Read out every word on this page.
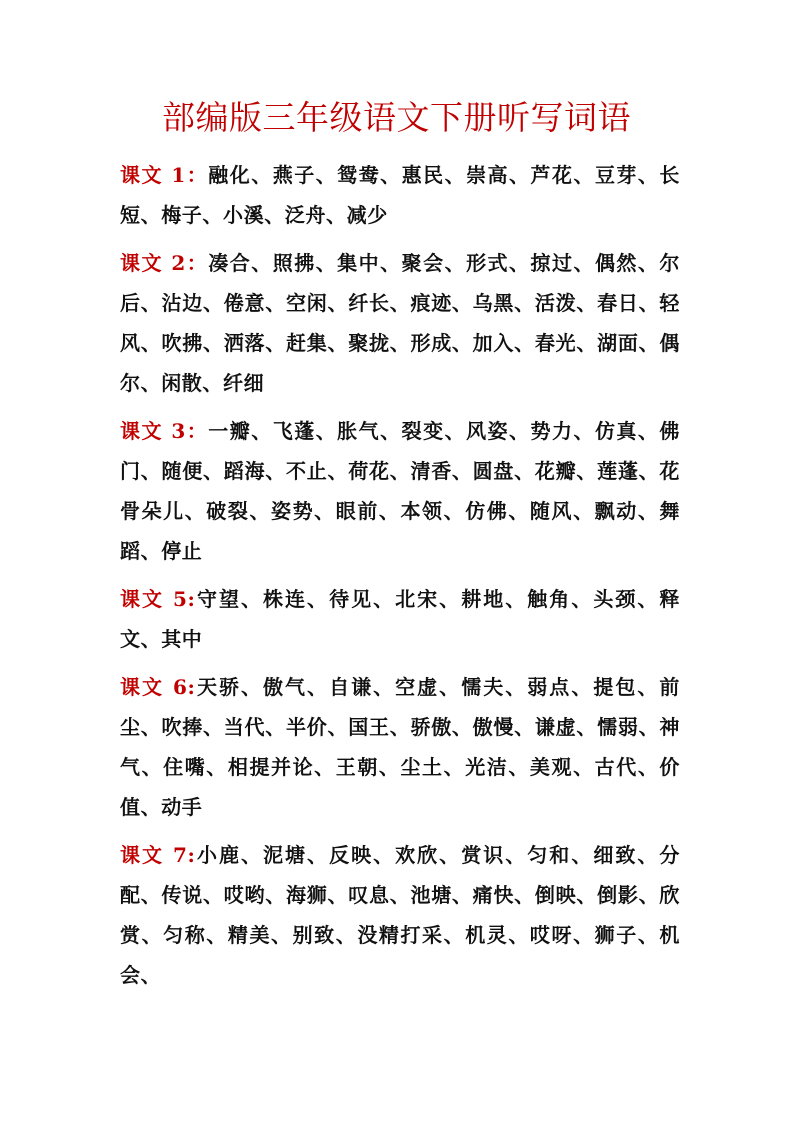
部编版三年级语文下册听写词语

课文 1：融化、燕子、鸳鸯、惠民、崇高、芦花、豆芽、长短、梅子、小溪、泛舟、减少

课文 2：凑合、照拂、集中、聚会、形式、掠过、偶然、尔后、沾边、倦意、空闲、纤长、痕迹、乌黑、活泼、春日、轻风、吹拂、洒落、赶集、聚拢、形成、加入、春光、湖面、偶尔、闲散、纤细

课文 3：一瓣、飞蓬、胀气、裂变、风姿、势力、仿真、佛门、随便、蹈海、不止、荷花、清香、圆盘、花瓣、莲蓬、花骨朵儿、破裂、姿势、眼前、本领、仿佛、随风、飘动、舞蹈、停止

课文 5:守望、株连、待见、北宋、耕地、触角、头颈、释文、其中

课文 6:天骄、傲气、自谦、空虚、懦夫、弱点、提包、前尘、吹捧、当代、半价、国王、骄傲、傲慢、谦虚、懦弱、神气、住嘴、相提并论、王朝、尘土、光洁、美观、古代、价值、动手

课文 7:小鹿、泥塘、反映、欢欣、赏识、匀和、细致、分配、传说、哎哟、海狮、叹息、池塘、痛快、倒映、倒影、欣赏、匀称、精美、别致、没精打采、机灵、哎呀、狮子、机会、
